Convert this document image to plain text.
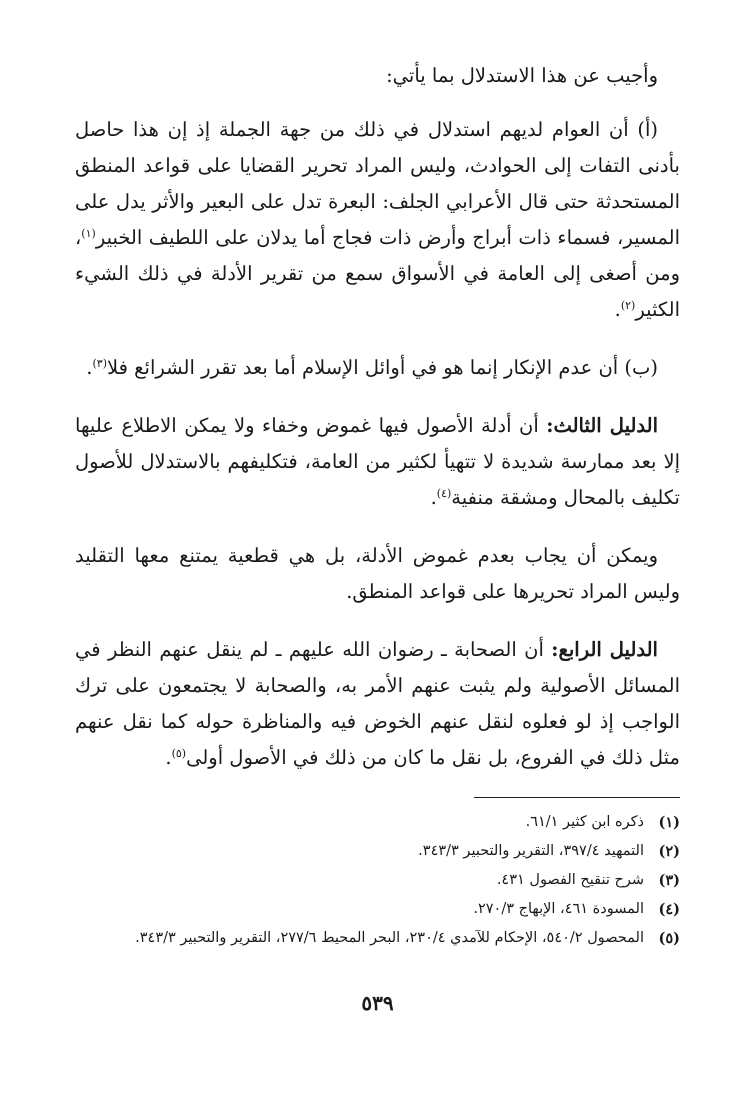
وأجيب عن هذا الاستدلال بما يأتي:

(أ) أن العوام لديهم استدلال في ذلك من جهة الجملة إذ إن هذا حاصل بأدنى التفات إلى الحوادث، وليس المراد تحرير القضايا على قواعد المنطق المستحدثة حتى قال الأعرابي الجلف: البعرة تدل على البعير والأثر يدل على المسير، فسماء ذات أبراج وأرض ذات فجاج أما يدلان على اللطيف الخبير$^{(١)}$، ومن أصغى إلى العامة في الأسواق سمع من تقرير الأدلة في ذلك الشيء الكثير$^{(٢)}$.

(ب) أن عدم الإنكار إنما هو في أوائل الإسلام أما بعد تقرر الشرائع فلا$^{(٣)}$.

الدليل الثالث: أن أدلة الأصول فيها غموض وخفاء ولا يمكن الاطلاع عليها إلا بعد ممارسة شديدة لا تتهيأ لكثير من العامة، فتكليفهم بالاستدلال للأصول تكليف بالمحال ومشقة منفية$^{(٤)}$.

ويمكن أن يجاب بعدم غموض الأدلة، بل هي قطعية يمتنع معها التقليد وليس المراد تحريرها على قواعد المنطق.

الدليل الرابع: أن الصحابة ـ رضوان الله عليهم ـ لم ينقل عنهم النظر في المسائل الأصولية ولم يثبت عنهم الأمر به، والصحابة لا يجتمعون على ترك الواجب إذ لو فعلوه لنقل عنهم الخوض فيه والمناظرة حوله كما نقل عنهم مثل ذلك في الفروع، بل نقل ما كان من ذلك في الأصول أولى$^{(٥)}$.

(١)
ذكره ابن كثير ٦١/١.
(٢)
التمهيد ٣٩٧/٤، التقرير والتحبير ٣٤٣/٣.
(٣)
شرح تنقيح الفصول ٤٣١.
(٤)
المسودة ٤٦١، الإبهاج ٢٧٠/٣.
(٥)
المحصول ٥٤٠/٢، الإحكام للآمدي ٢٣٠/٤، البحر المحيط ٢٧٧/٦، التقرير والتحبير ٣٤٣/٣.
٥٣٩
